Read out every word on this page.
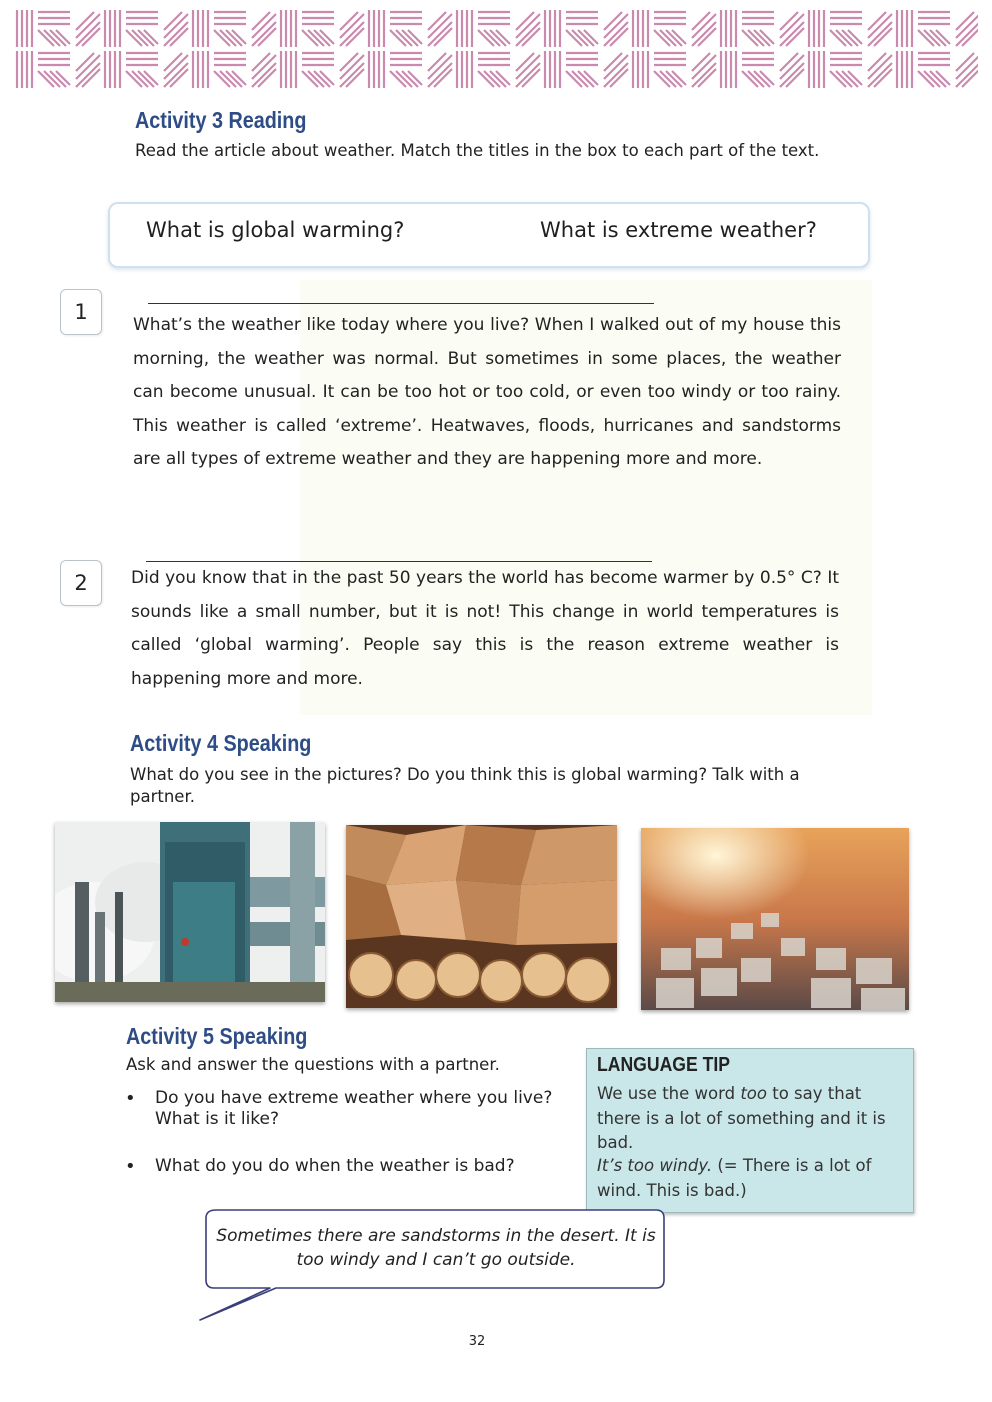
Activity 3 Reading

Read the article about weather. Match the titles in the box to each part of the text.

What is global warming?	What is extreme weather?
1

What’s the weather like today where you live? When I walked out of my house this morning, the weather was normal. But sometimes in some places, the weather can become unusual. It can be too hot or too cold, or even too windy or too rainy. This weather is called ‘extreme’. Heatwaves, floods, hurricanes and sandstorms are all types of extreme weather and they are happening more and more.

2	Did you know that in the past 50 years the world has become warmer by 0.5° C? It sounds like a small number, but it is not! This change in world temperatures is called ‘global warming’. People say this is the reason extreme weather is happening more and more.

Activity 4 Speaking

What do you see in the pictures? Do you think this is global warming? Talk with a partner.

Activity 5 Speaking

Ask and answer the questions with a partner.

• Do you have extreme weather where you live? What is it like?
• What do you do when the weather is bad?
LANGUAGE TIP
We use the word too to say that there is a lot of something and it is bad.
It’s too windy. (= There is a lot of wind. This is bad.)
Sometimes there are sandstorms in the desert. It is too windy and I can’t go outside.
32
